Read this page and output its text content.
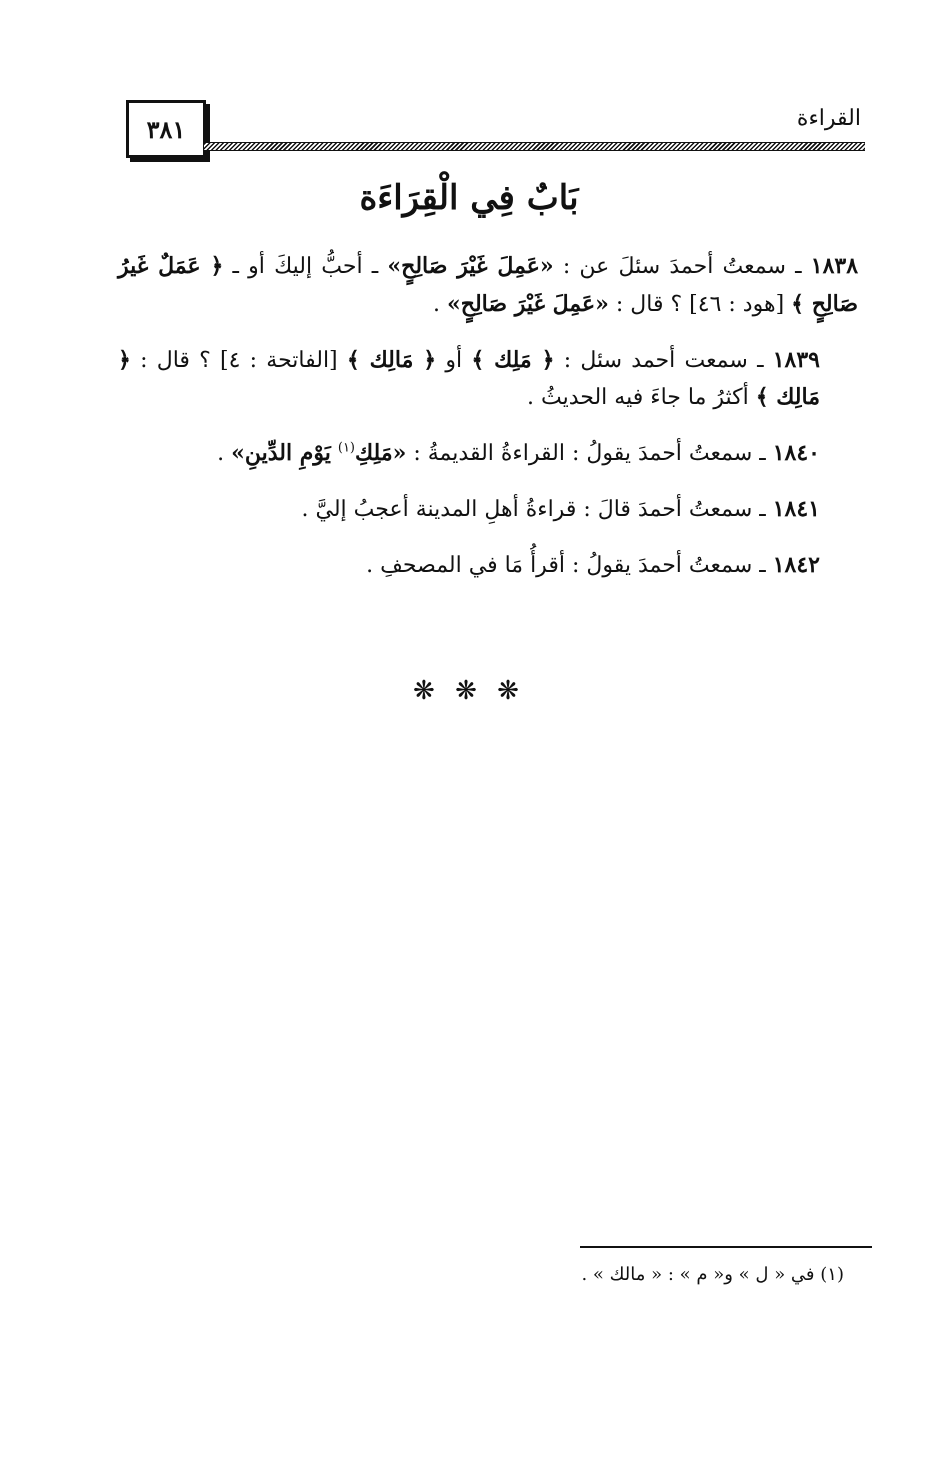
٣٨١	القراءة
بَابٌ فِي الْقِرَاءَة

١٨٣٨ ـ سمعتُ أحمدَ سئلَ عن : «عَمِلَ غَيْرَ صَالِحٍ» ـ أحبُّ إليكَ أو ـ ﴿ عَمَلٌ غَيرُ صَالِحٍ ﴾ [هود : ٤٦] ؟ قال : «عَمِلَ غَيْرَ صَالِحٍ» .

١٨٣٩ ـ سمعت أحمد سئل : ﴿ مَلِك ﴾ أو ﴿ مَالِك ﴾ [الفاتحة : ٤] ؟ قال : ﴿ مَالِك ﴾ أكثرُ ما جاءَ فيه الحديثُ .

١٨٤٠ ـ سمعتُ أحمدَ يقولُ : القراءةُ القديمةُ : «مَلِكِ$^{(١)}$ يَوْمِ الدِّينِ» .

١٨٤١ ـ سمعتُ أحمدَ قالَ : قراءةُ أهلِ المدينة أعجبُ إليَّ .

١٨٤٢ ـ سمعتُ أحمدَ يقولُ : أقرأُ مَا في المصحفِ .

❋ ❋ ❋
(١) في « ل » و« م » : « مالك » .
